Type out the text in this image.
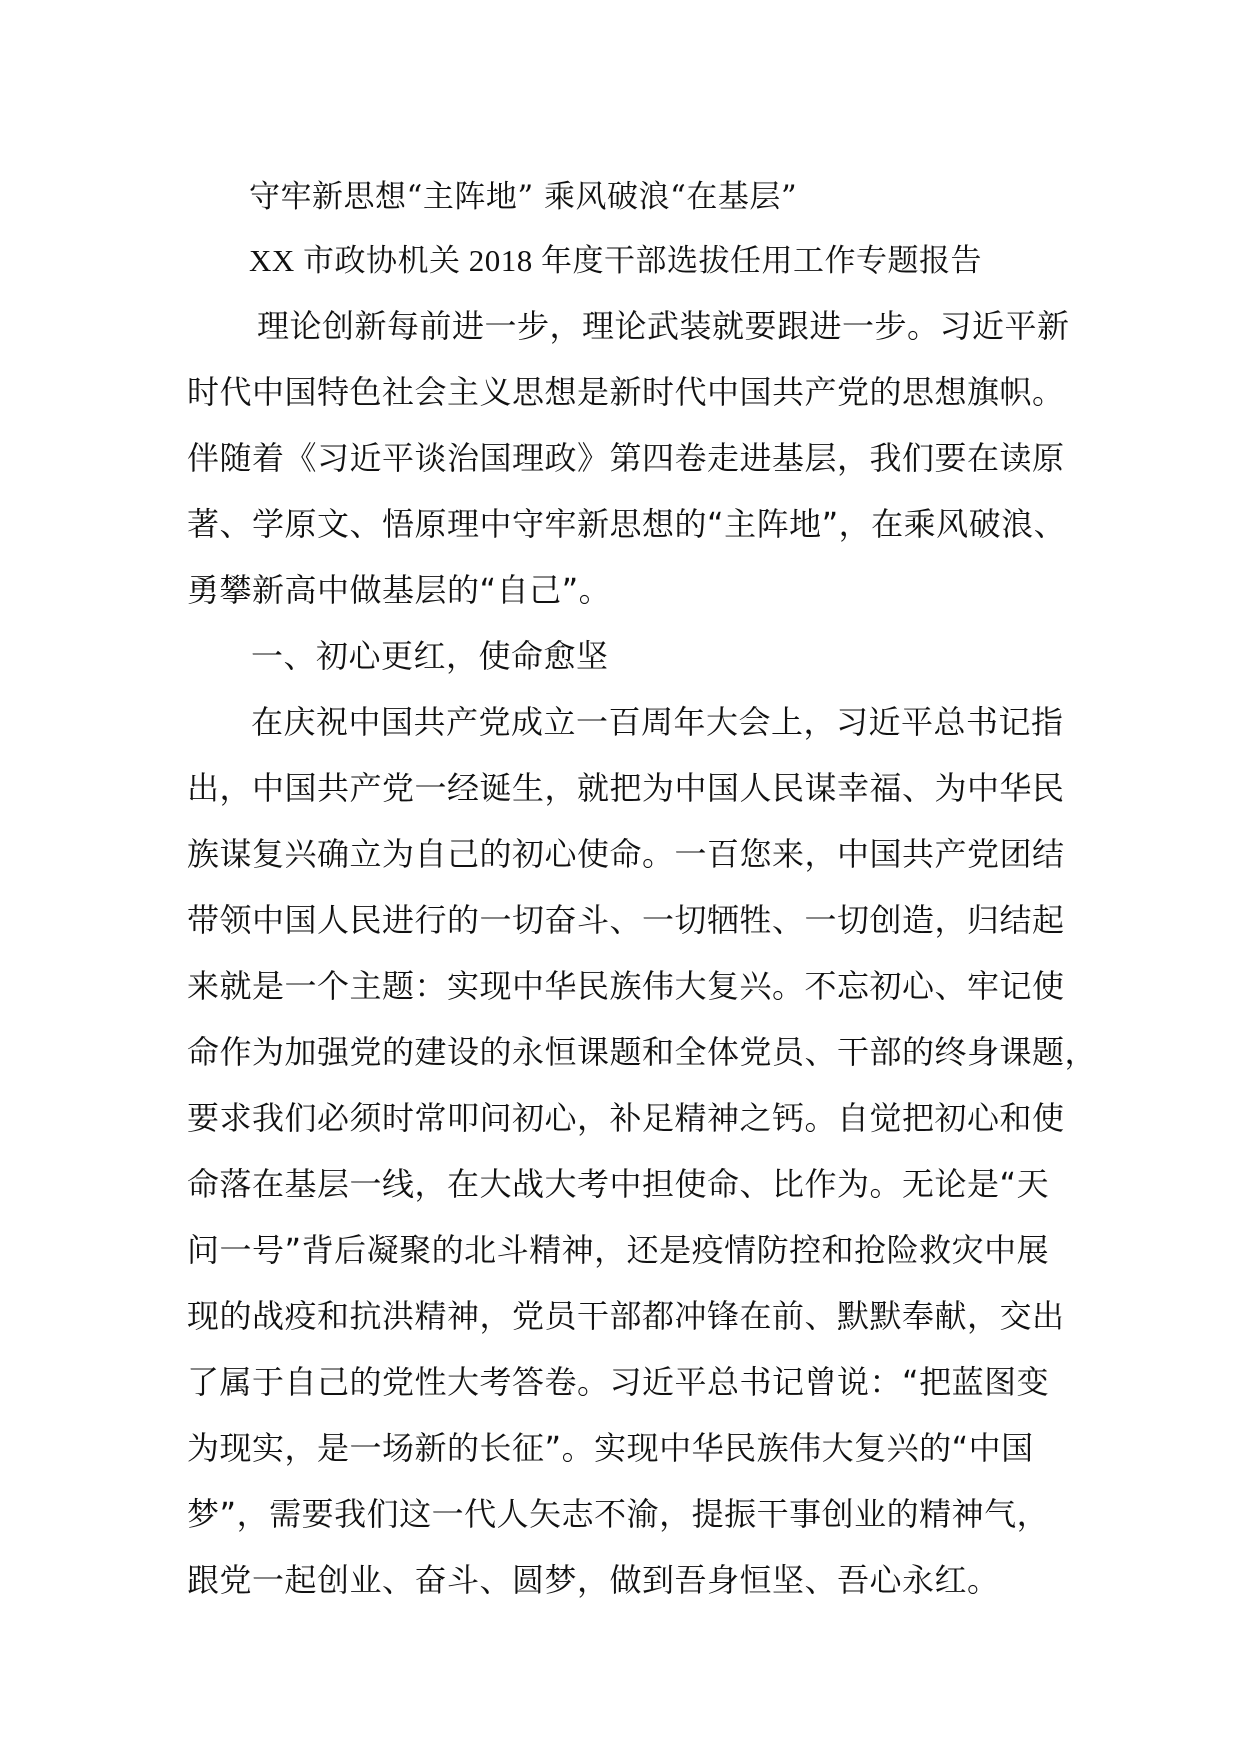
守牢新思想“主阵地” 乘风破浪“在基层”
XX 市政协机关 2018 年度干部选拔任用工作专题报告
理论创新每前进一步，理论武装就要跟进一步。习近平新
时代中国特色社会主义思想是新时代中国共产党的思想旗帜。
伴随着《习近平谈治国理政》第四卷走进基层，我们要在读原
著、学原文、悟原理中守牢新思想的“主阵地”，在乘风破浪、
勇攀新高中做基层的“自己”。
一、初心更红，使命愈坚
在庆祝中国共产党成立一百周年大会上，习近平总书记指
出，中国共产党一经诞生，就把为中国人民谋幸福、为中华民
族谋复兴确立为自己的初心使命。一百您来，中国共产党团结
带领中国人民进行的一切奋斗、一切牺牲、一切创造，归结起
来就是一个主题：实现中华民族伟大复兴。不忘初心、牢记使
命作为加强党的建设的永恒课题和全体党员、干部的终身课题，
要求我们必须时常叩问初心，补足精神之钙。自觉把初心和使
命落在基层一线，在大战大考中担使命、比作为。无论是“天
问一号”背后凝聚的北斗精神，还是疫情防控和抢险救灾中展
现的战疫和抗洪精神，党员干部都冲锋在前、默默奉献，交出
了属于自己的党性大考答卷。习近平总书记曾说：“把蓝图变
为现实，是一场新的长征”。实现中华民族伟大复兴的“中国
梦”，需要我们这一代人矢志不渝，提振干事创业的精神气，
跟党一起创业、奋斗、圆梦，做到吾身恒坚、吾心永红。
